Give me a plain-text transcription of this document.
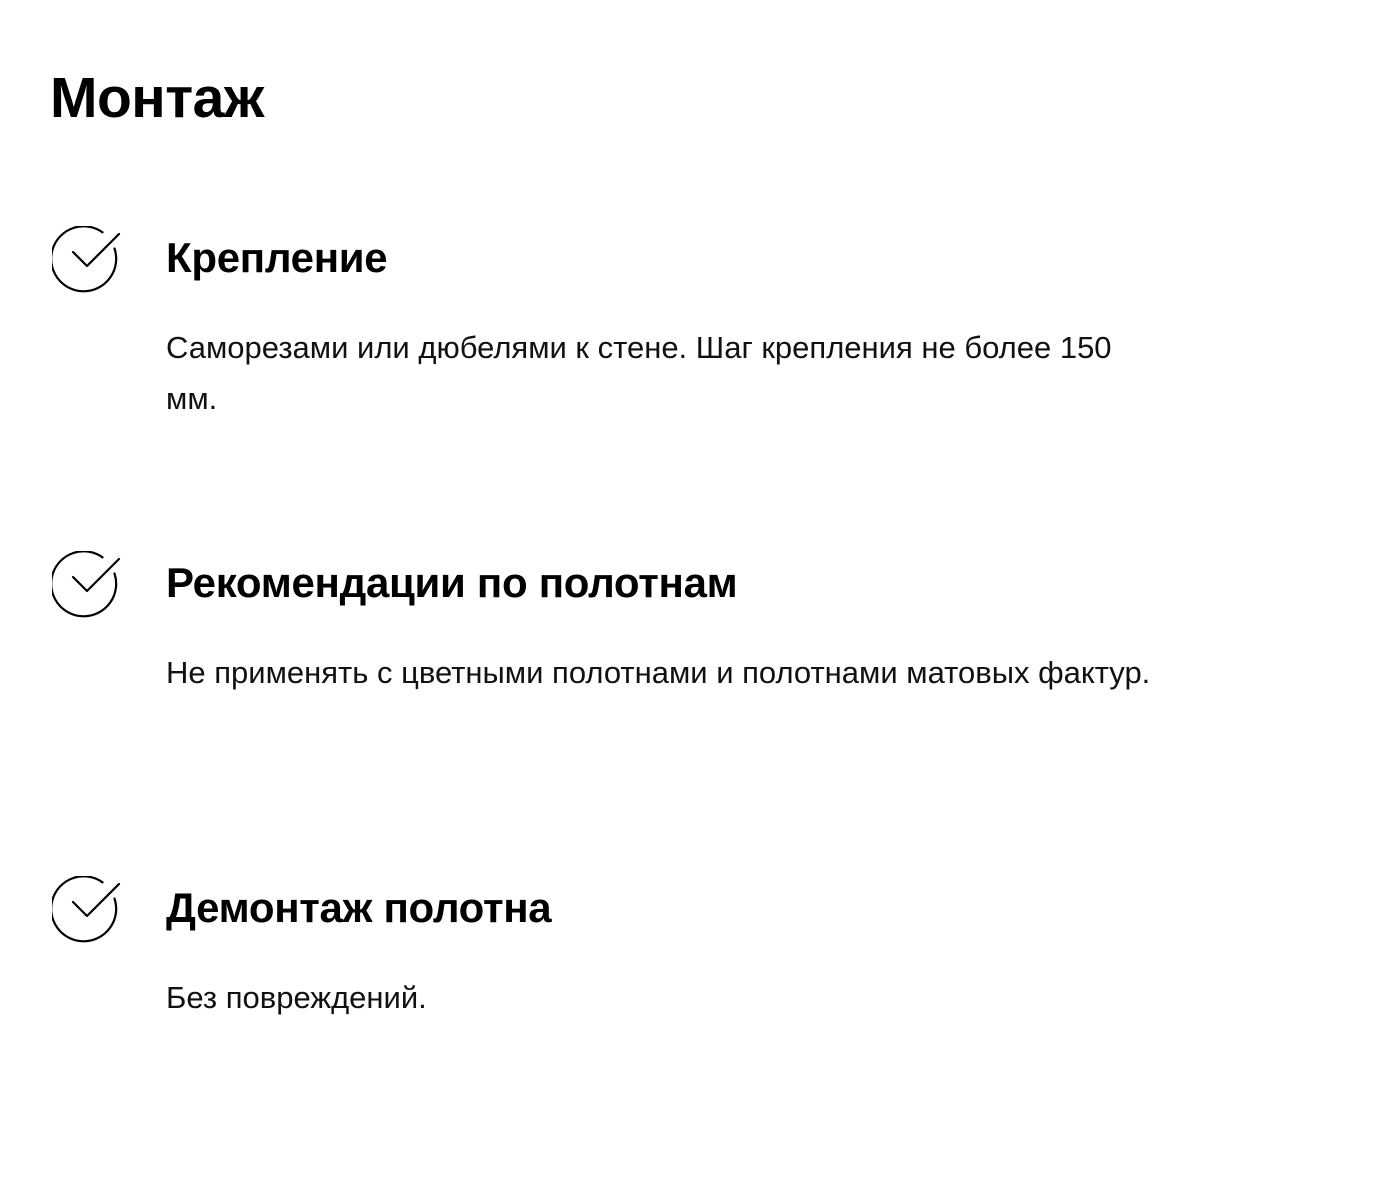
Монтаж
Крепление

Саморезами или дюбелями к стене. Шаг крепления не более 150 мм.

Рекомендации по полотнам

Не применять с цветными полотнами и полотнами матовых фактур.

Демонтаж полотна

Без повреждений.
